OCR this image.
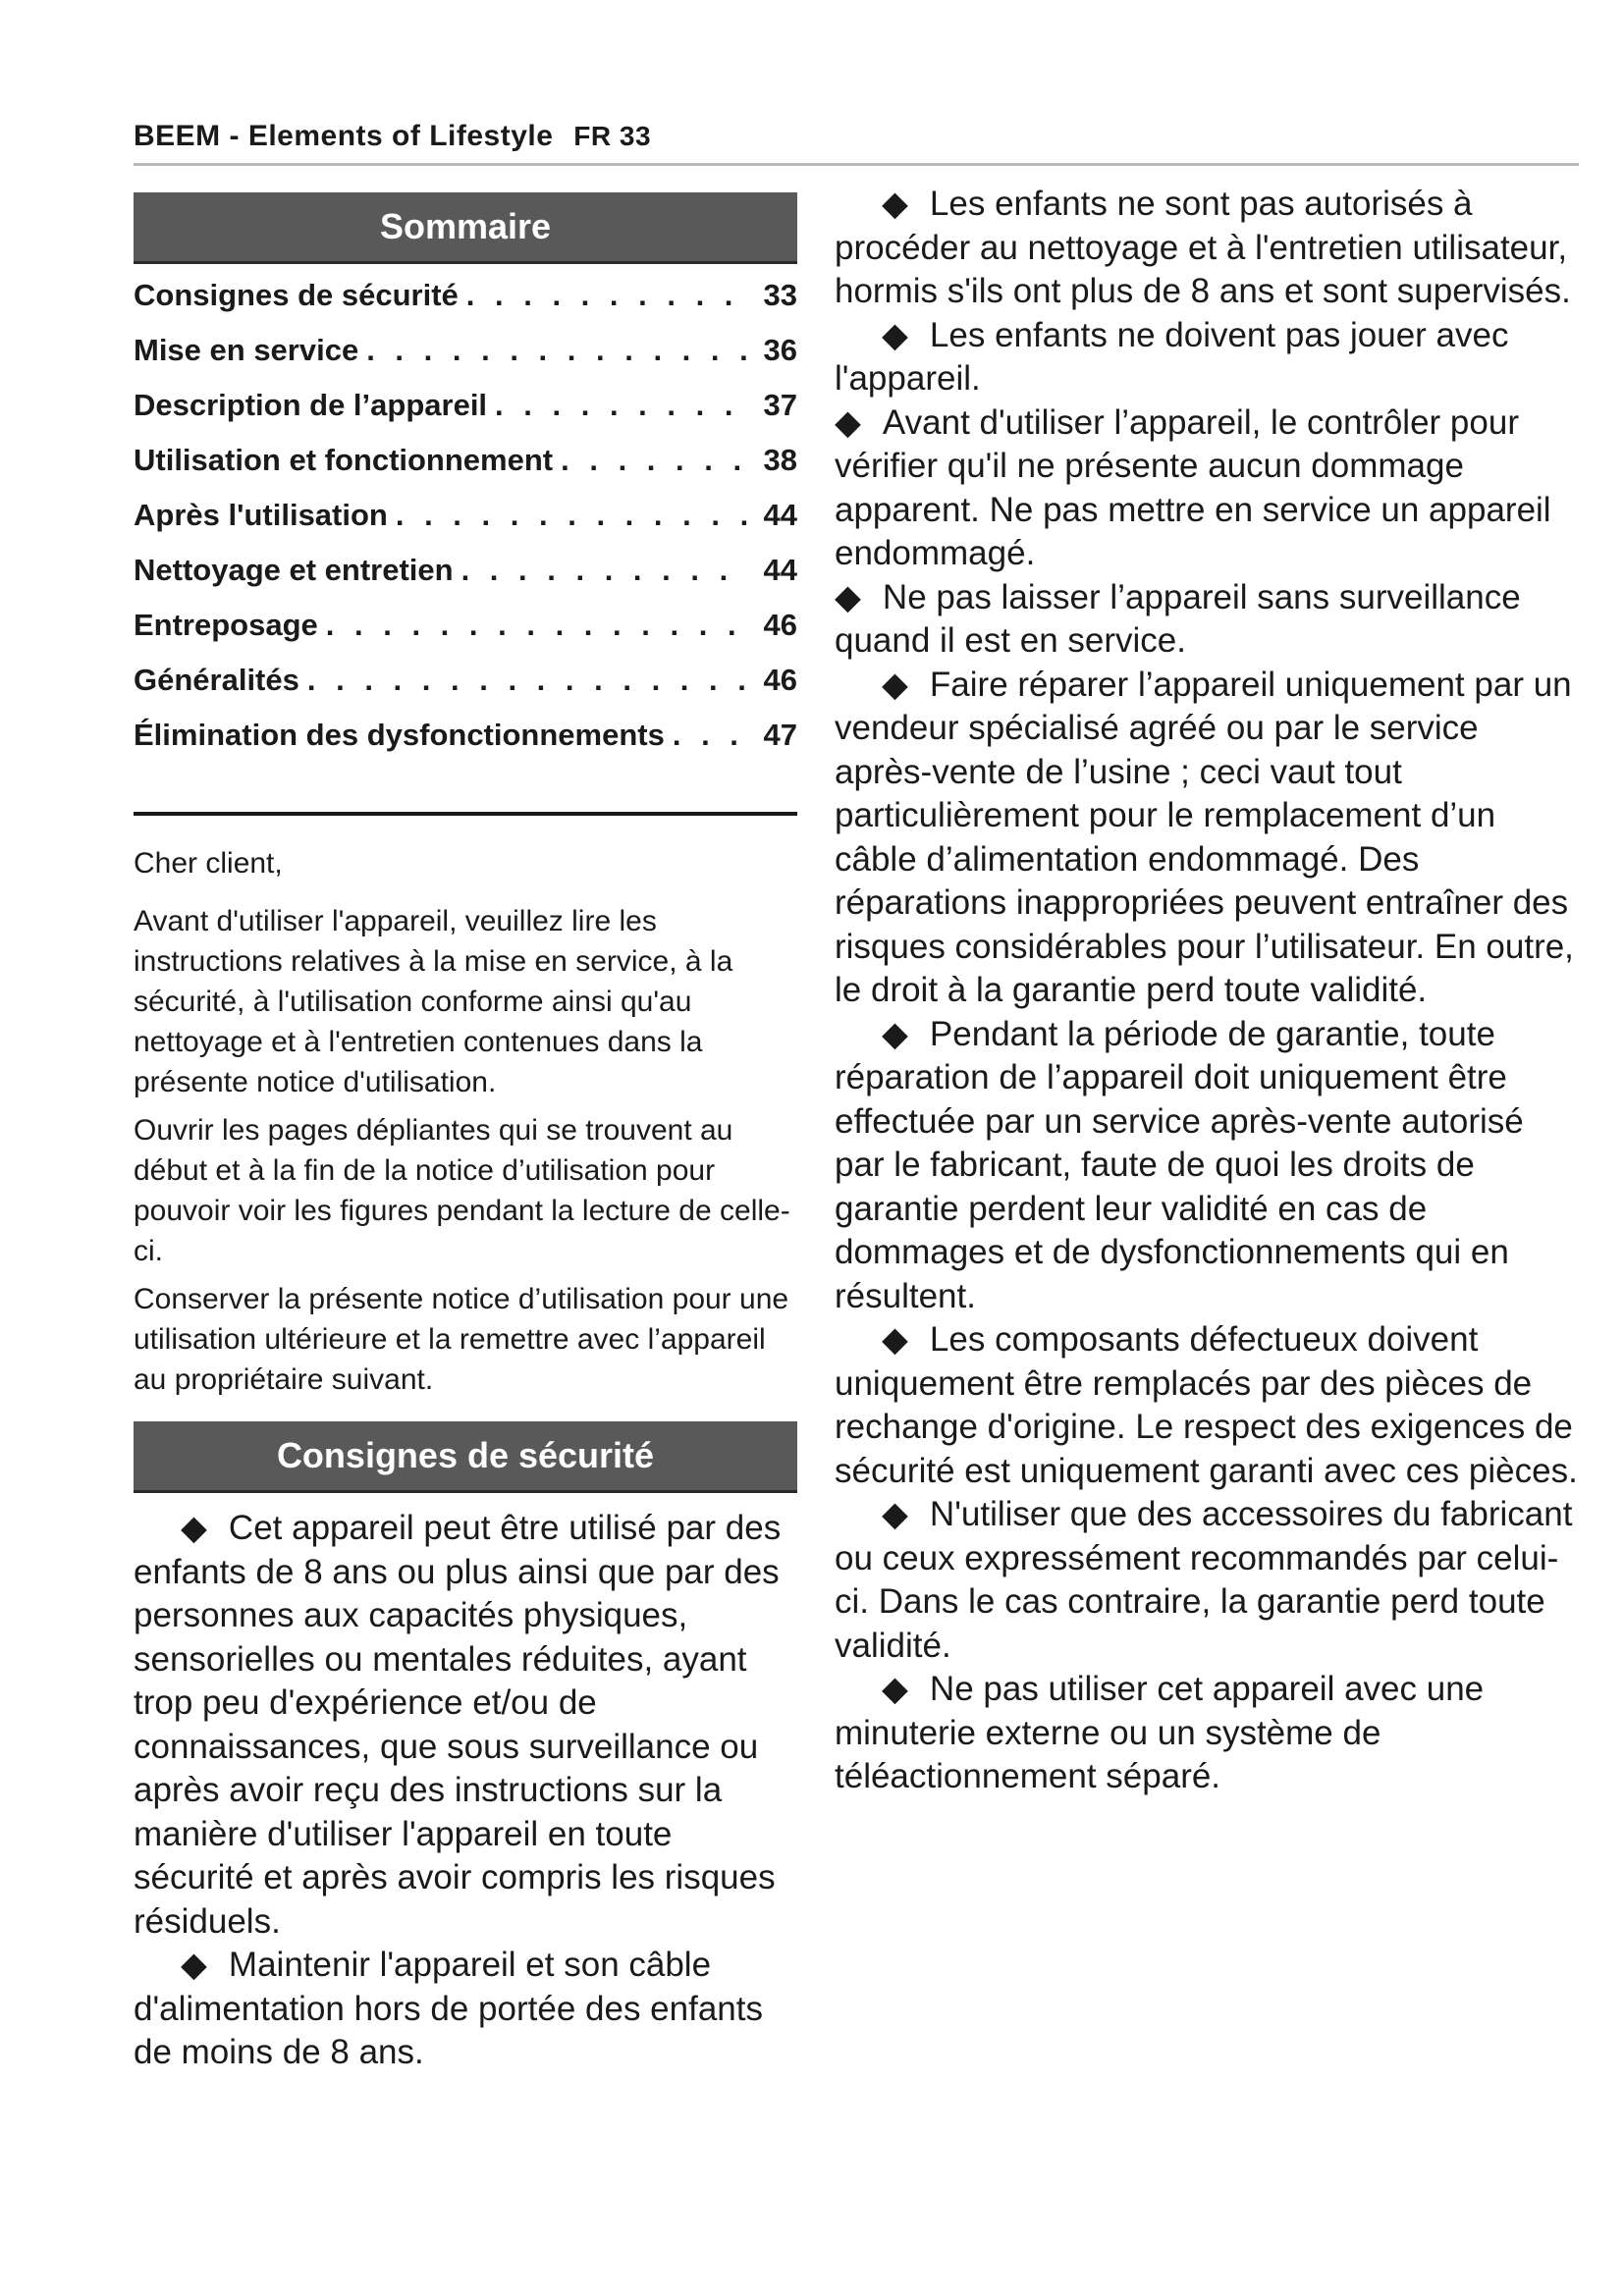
BEEM - Elements of Lifestyle FR 33
Sommaire
Consignes de sécurité . . .	33
Mise en service . . .	36
Description de l’appareil . . .	37
Utilisation et fonctionnement . . .	38
Après l'utilisation . . .	44
Nettoyage et entretien . . .	44
Entreposage . . .	46
Généralités . . .	46
Élimination des dysfonctionnements . . .	47

Cher client,

Avant d'utiliser l'appareil, veuillez lire les instructions relatives à la mise en service, à la sécurité, à l'utilisation conforme ainsi qu'au nettoyage et à l'entretien contenues dans la présente notice d'utilisation.

Ouvrir les pages dépliantes qui se trouvent au début et à la fin de la notice d’utilisation pour pouvoir voir les figures pendant la lecture de celle-ci.

Conserver la présente notice d’utilisation pour une utilisation ultérieure et la remettre avec l’appareil au propriétaire suivant.

Consignes de sécurité

◆ Cet appareil peut être utilisé par des enfants de 8 ans ou plus ainsi que par des personnes aux capacités physiques, sensorielles ou mentales réduites, ayant trop peu d'expérience et/ou de connaissances, que sous surveillance ou après avoir reçu des instructions sur la manière d'utiliser l'appareil en toute sécurité et après avoir compris les risques résiduels.

◆ Maintenir l'appareil et son câble d'alimentation hors de portée des enfants de moins de 8 ans.

◆ Les enfants ne sont pas autorisés à procéder au nettoyage et à l'entretien utilisateur, hormis s'ils ont plus de 8 ans et sont supervisés.

◆ Les enfants ne doivent pas jouer avec l'appareil.

◆ Avant d'utiliser l’appareil, le contrôler pour vérifier qu'il ne présente aucun dommage apparent. Ne pas mettre en service un appareil endommagé.

◆ Ne pas laisser l’appareil sans surveillance quand il est en service.

◆ Faire réparer l’appareil uniquement par un vendeur spécialisé agréé ou par le service après-vente de l’usine ; ceci vaut tout particulièrement pour le remplacement d’un câble d’alimentation endommagé. Des réparations inappropriées peuvent entraîner des risques considérables pour l’utilisateur. En outre, le droit à la garantie perd toute validité.

◆ Pendant la période de garantie, toute réparation de l’appareil doit uniquement être effectuée par un service après-vente autorisé par le fabricant, faute de quoi les droits de garantie perdent leur validité en cas de dommages et de dysfonctionnements qui en résultent.

◆ Les composants défectueux doivent uniquement être remplacés par des pièces de rechange d'origine. Le respect des exigences de sécurité est uniquement garanti avec ces pièces.

◆ N'utiliser que des accessoires du fabricant ou ceux expressément recommandés par celui-ci. Dans le cas contraire, la garantie perd toute validité.

◆ Ne pas utiliser cet appareil avec une minuterie externe ou un système de téléactionnement séparé.
